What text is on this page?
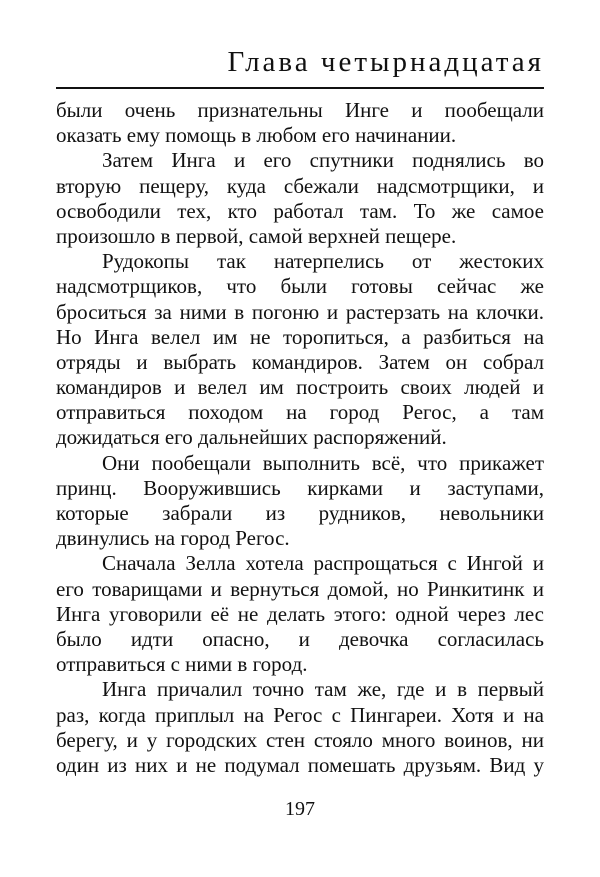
Глава четырнадцатая
были очень признательны Инге и пообещали
оказать ему помощь в любом его начинании.
Затем Инга и его спутники поднялись во
вторую пещеру, куда сбежали надсмотрщики, и
освободили тех, кто работал там. То же самое
произошло в первой, самой верхней пещере.
Рудокопы так натерпелись от жестоких
надсмотрщиков, что были готовы сейчас же
броситься за ними в погоню и растерзать на клочки.
Но Инга велел им не торопиться, а разбиться на
отряды и выбрать командиров. Затем он собрал
командиров и велел им построить своих людей и
отправиться походом на город Регос, а там
дожидаться его дальнейших распоряжений.
Они пообещали выполнить всё, что прикажет
принц. Вооружившись кирками и заступами,
которые забрали из рудников, невольники
двинулись на город Регос.
Сначала Зелла хотела распрощаться с Ингой и
его товарищами и вернуться домой, но Ринкитинк и
Инга уговорили её не делать этого: одной через лес
было идти опасно, и девочка согласилась
отправиться с ними в город.
Инга причалил точно там же, где и в первый
раз, когда приплыл на Регос с Пингареи. Хотя и на
берегу, и у городских стен стояло много воинов, ни
один из них и не подумал помешать друзьям. Вид у
197
